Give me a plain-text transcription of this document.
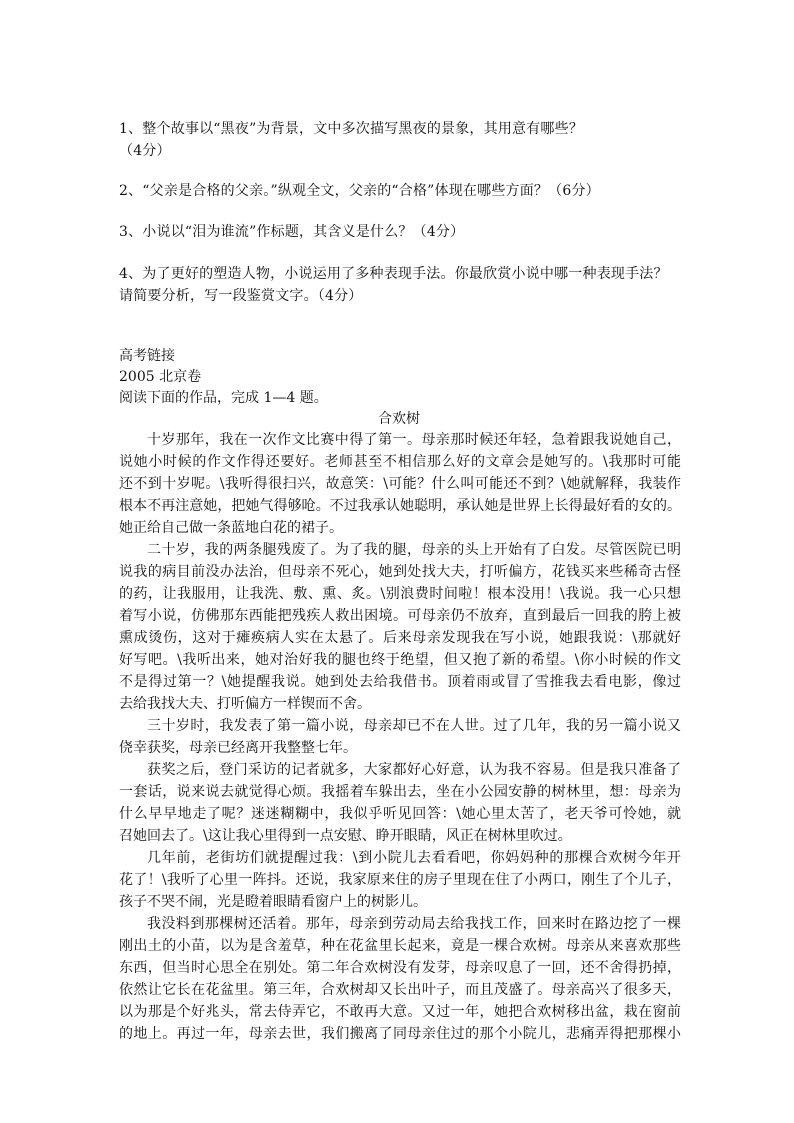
1、整个故事以“黑夜”为背景，文中多次描写黑夜的景象，其用意有哪些？
（4分）
2、“父亲是合格的父亲。”纵观全文，父亲的“合格”体现在哪些方面？（6分）
3、小说以“泪为谁流”作标题，其含义是什么？（4分）
4、为了更好的塑造人物，小说运用了多种表现手法。你最欣赏小说中哪一种表现手法？
请简要分析，写一段鉴赏文字。（4分）
高考链接
2005 北京卷
阅读下面的作品，完成 1—4 题。
合欢树
十岁那年，我在一次作文比赛中得了第一。母亲那时候还年轻，急着跟我说她自己，
说她小时候的作文作得还要好。老师甚至不相信那么好的文章会是她写的。\我那时可能
还不到十岁呢。\我听得很扫兴，故意笑：\可能？什么叫可能还不到？\她就解释，我装作
根本不再注意她，把她气得够呛。不过我承认她聪明，承认她是世界上长得最好看的女的。
她正给自己做一条蓝地白花的裙子。
二十岁，我的两条腿残废了。为了我的腿，母亲的头上开始有了白发。尽管医院已明
说我的病目前没办法治，但母亲不死心，她到处找大夫，打听偏方，花钱买来些稀奇古怪
的药，让我服用，让我洗、敷、熏、炙。\别浪费时间啦！根本没用！\我说。我一心只想
着写小说，仿佛那东西能把残疾人救出困境。可母亲仍不放弃，直到最后一回我的胯上被
熏成烫伤，这对于瘫痪病人实在太悬了。后来母亲发现我在写小说，她跟我说：\那就好
好写吧。\我听出来，她对治好我的腿也终于绝望，但又抱了新的希望。\你小时候的作文
不是得过第一？\她提醒我说。她到处去给我借书。顶着雨或冒了雪推我去看电影，像过
去给我找大夫、打听偏方一样锲而不舍。
三十岁时，我发表了第一篇小说，母亲却已不在人世。过了几年，我的另一篇小说又
侥幸获奖，母亲已经离开我整整七年。
获奖之后，登门采访的记者就多，大家都好心好意，认为我不容易。但是我只准备了
一套话，说来说去就觉得心烦。我摇着车躲出去，坐在小公园安静的树林里，想：母亲为
什么早早地走了呢？迷迷糊糊中，我似乎听见回答：\她心里太苦了，老天爷可怜她，就
召她回去了。\这让我心里得到一点安慰、睁开眼睛，风正在树林里吹过。
几年前，老街坊们就提醒过我：\到小院儿去看看吧，你妈妈种的那棵合欢树今年开
花了！\我听了心里一阵抖。还说，我家原来住的房子里现在住了小两口，刚生了个儿子，
孩子不哭不闹，光是瞪着眼睛看窗户上的树影儿。
我没料到那棵树还活着。那年，母亲到劳动局去给我找工作，回来时在路边挖了一棵
刚出土的小苗，以为是含羞草，种在花盆里长起来，竟是一棵合欢树。母亲从来喜欢那些
东西，但当时心思全在别处。第二年合欢树没有发芽，母亲叹息了一回，还不舍得扔掉，
依然让它长在花盆里。第三年，合欢树却又长出叶子，而且茂盛了。母亲高兴了很多天，
以为那是个好兆头，常去侍弄它，不敢再大意。又过一年，她把合欢树移出盆，栽在窗前
的地上。再过一年，母亲去世，我们搬离了同母亲住过的那个小院儿，悲痛弄得把那棵小
